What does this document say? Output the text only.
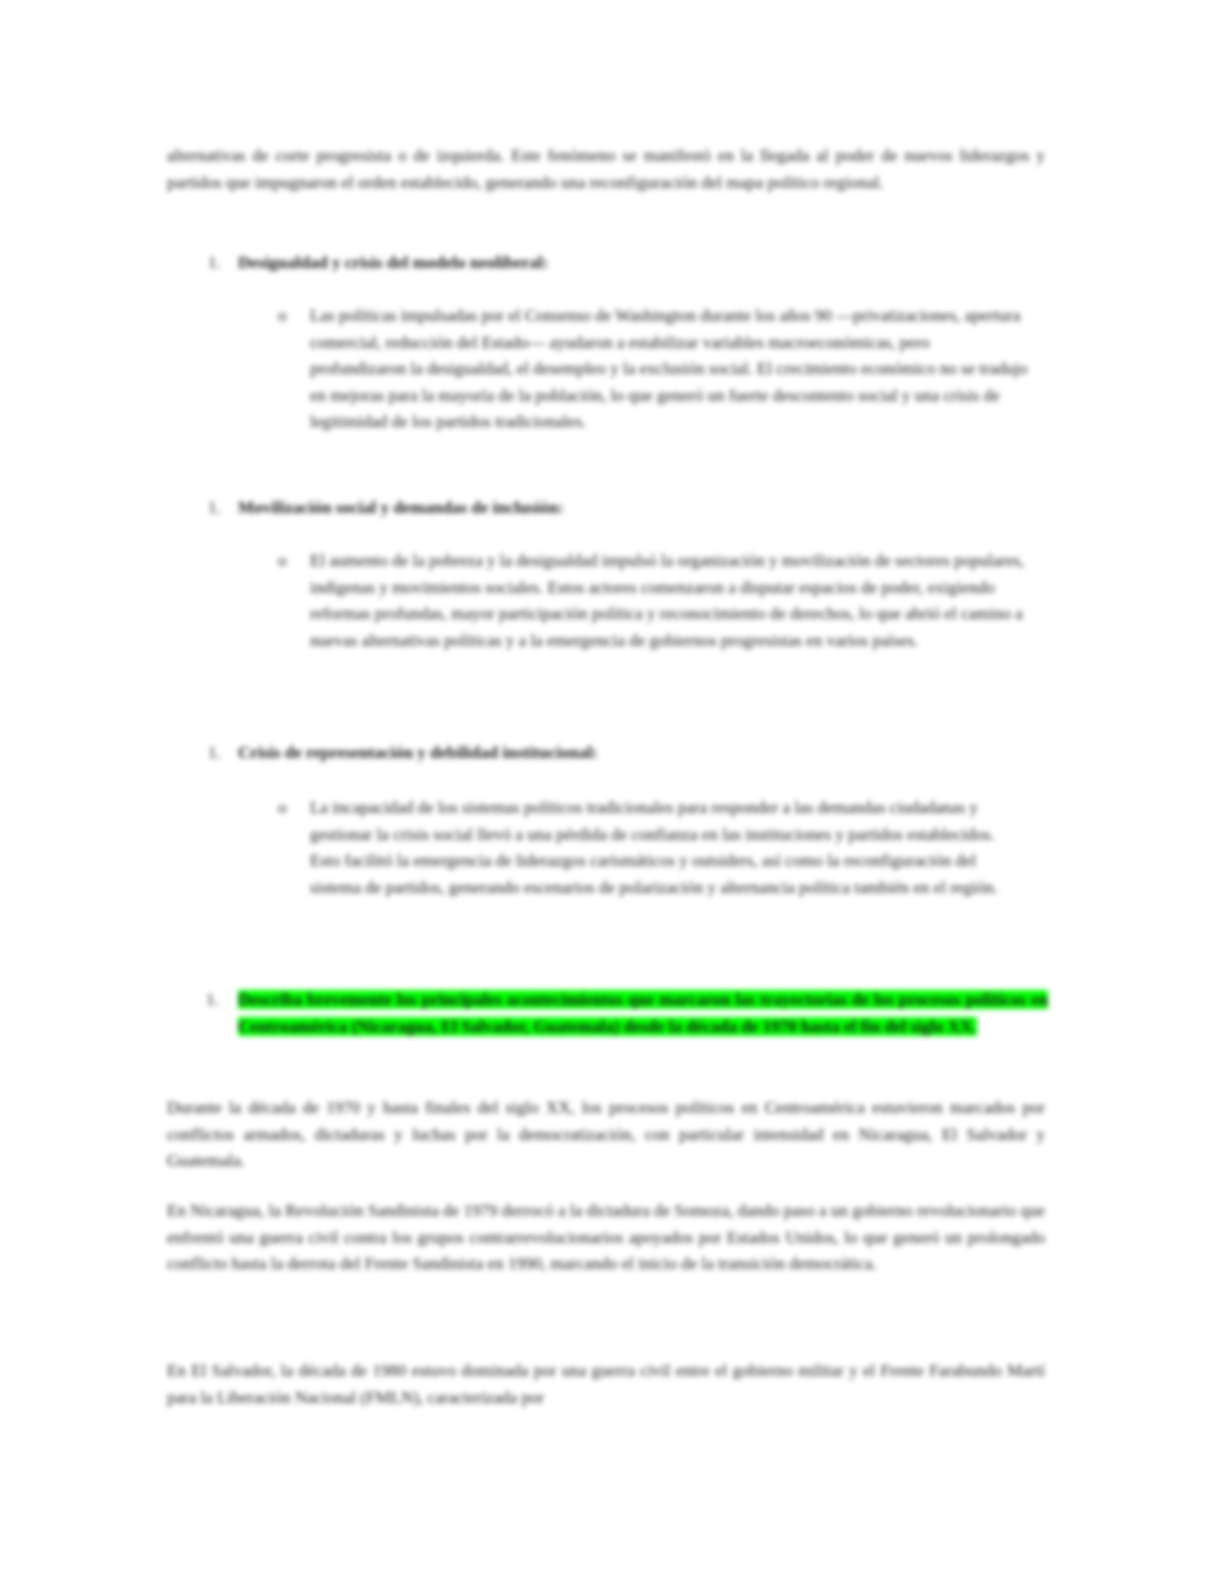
alternativas de corte progresista o de izquierda. Este fenómeno se manifestó en la llegada al poder de nuevos liderazgos y partidos que impugnaron el orden establecido, generando una reconfiguración del mapa político regional.

1. Desigualdad y crisis del modelo neoliberal:

o	Las políticas impulsadas por el Consenso de Washington durante los años 90 —privatizaciones, apertura comercial, reducción del Estado— ayudaron a estabilizar variables macroeconómicas, pero profundizaron la desigualdad, el desempleo y la exclusión social. El crecimiento económico no se tradujo en mejoras para la mayoría de la población, lo que generó un fuerte descontento social y una crisis de legitimidad de los partidos tradicionales.

1. Movilización social y demandas de inclusión:

o	El aumento de la pobreza y la desigualdad impulsó la organización y movilización de sectores populares, indígenas y movimientos sociales. Estos actores comenzaron a disputar espacios de poder, exigiendo reformas profundas, mayor participación política y reconocimiento de derechos, lo que abrió el camino a nuevas alternativas políticas y a la emergencia de gobiernos progresistas en varios países.

1. Crisis de representación y debilidad institucional:

o	La incapacidad de los sistemas políticos tradicionales para responder a las demandas ciudadanas y gestionar la crisis social llevó a una pérdida de confianza en las instituciones y partidos establecidos. Esto facilitó la emergencia de liderazgos carismáticos y outsiders, así como la reconfiguración del sistema de partidos, generando escenarios de polarización y alternancia política también en el región.
1. Describa brevemente los principales acontecimientos que marcaron las trayectorias de los procesos políticos en Centroamérica (Nicaragua, El Salvador, Guatemala) desde la década de 1970 hasta el fin del siglo XX.

Durante la década de 1970 y hasta finales del siglo XX, los procesos políticos en Centroamérica estuvieron marcados por conflictos armados, dictaduras y luchas por la democratización, con particular intensidad en Nicaragua, El Salvador y Guatemala.

En Nicaragua, la Revolución Sandinista de 1979 derrocó a la dictadura de Somoza, dando paso a un gobierno revolucionario que enfrentó una guerra civil contra los grupos contrarrevolucionarios apoyados por Estados Unidos, lo que generó un prolongado conflicto hasta la derrota del Frente Sandinista en 1990, marcando el inicio de la transición democrática.

En El Salvador, la década de 1980 estuvo dominada por una guerra civil entre el gobierno militar y el Frente Farabundo Martí para la Liberación Nacional (FMLN), caracterizada por
